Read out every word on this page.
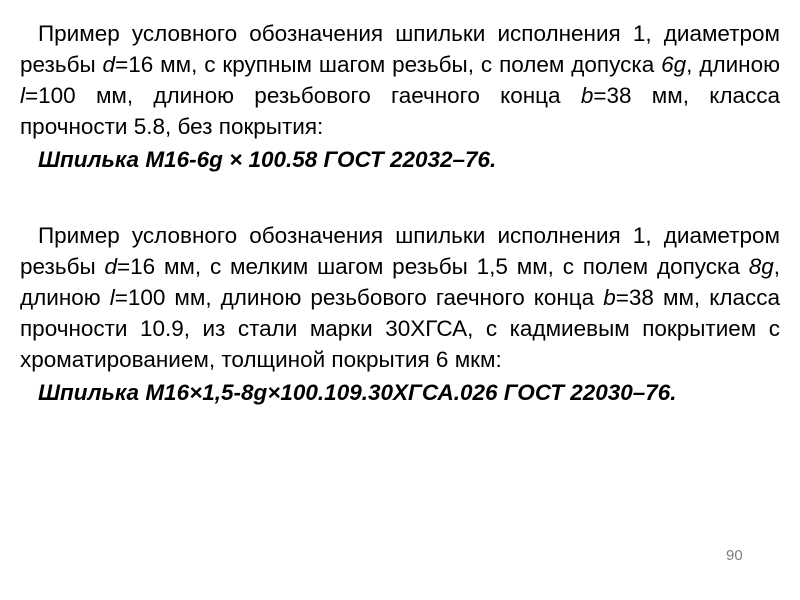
Пример условного обозначения шпильки исполнения 1, диаметром резьбы d=16 мм, с крупным шагом резьбы, с полем допуска 6g, длиною l=100 мм, длиною резьбового гаечного конца b=38 мм, класса прочности 5.8, без покрытия:

Шпилька М16-6g × 100.58 ГОСТ 22032–76.

Пример условного обозначения шпильки исполнения 1, диаметром резьбы d=16 мм, с мелким шагом резьбы 1,5 мм, с полем допуска 8g, длиною l=100 мм, длиною резьбового гаечного конца b=38 мм, класса прочности 10.9, из стали марки 30ХГСА, с кадмиевым покрытием с хроматированием, толщиной покрытия 6 мкм:

Шпилька М16×1,5-8g×100.109.30ХГСА.026 ГОСТ 22030–76.

90
